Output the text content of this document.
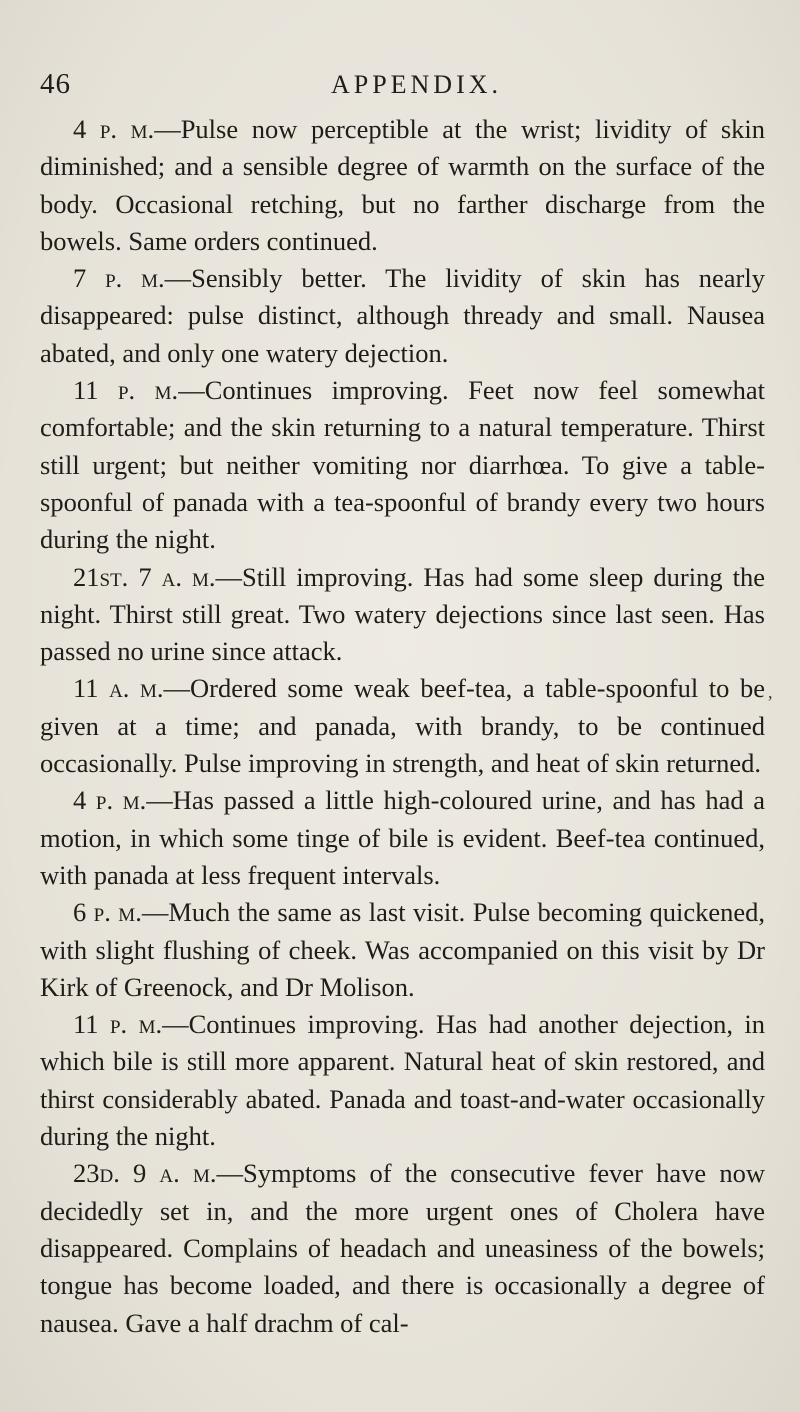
46	APPENDIX.

4 p. m.—Pulse now perceptible at the wrist; lividity of skin diminished; and a sensible degree of warmth on the surface of the body. Occasional retching, but no farther discharge from the bowels. Same orders continued.

7 p. m.—Sensibly better. The lividity of skin has nearly disappeared: pulse distinct, although thready and small. Nausea abated, and only one watery dejection.

11 p. m.—Continues improving. Feet now feel somewhat comfortable; and the skin returning to a natural temperature. Thirst still urgent; but neither vomiting nor diarrhœa. To give a table-spoonful of panada with a tea-spoonful of brandy every two hours during the night.

21st. 7 a. m.—Still improving. Has had some sleep during the night. Thirst still great. Two watery dejections since last seen. Has passed no urine since attack.

11 a. m.—Ordered some weak beef-tea, a table-spoonful to be given at a time; and panada, with brandy, to be continued occasionally. Pulse improving in strength, and heat of skin returned.

4 p. m.—Has passed a little high-coloured urine, and has had a motion, in which some tinge of bile is evident. Beef-tea continued, with panada at less frequent intervals.

6 p. m.—Much the same as last visit. Pulse becoming quickened, with slight flushing of cheek. Was accompanied on this visit by Dr Kirk of Greenock, and Dr Molison.

11 p. m.—Continues improving. Has had another dejection, in which bile is still more apparent. Natural heat of skin restored, and thirst considerably abated. Panada and toast-and-water occasionally during the night.

23d. 9 a. m.—Symptoms of the consecutive fever have now decidedly set in, and the more urgent ones of Cholera have disappeared. Complains of headach and uneasiness of the bowels; tongue has become loaded, and there is occasionally a degree of nausea. Gave a half drachm of cal-

,
